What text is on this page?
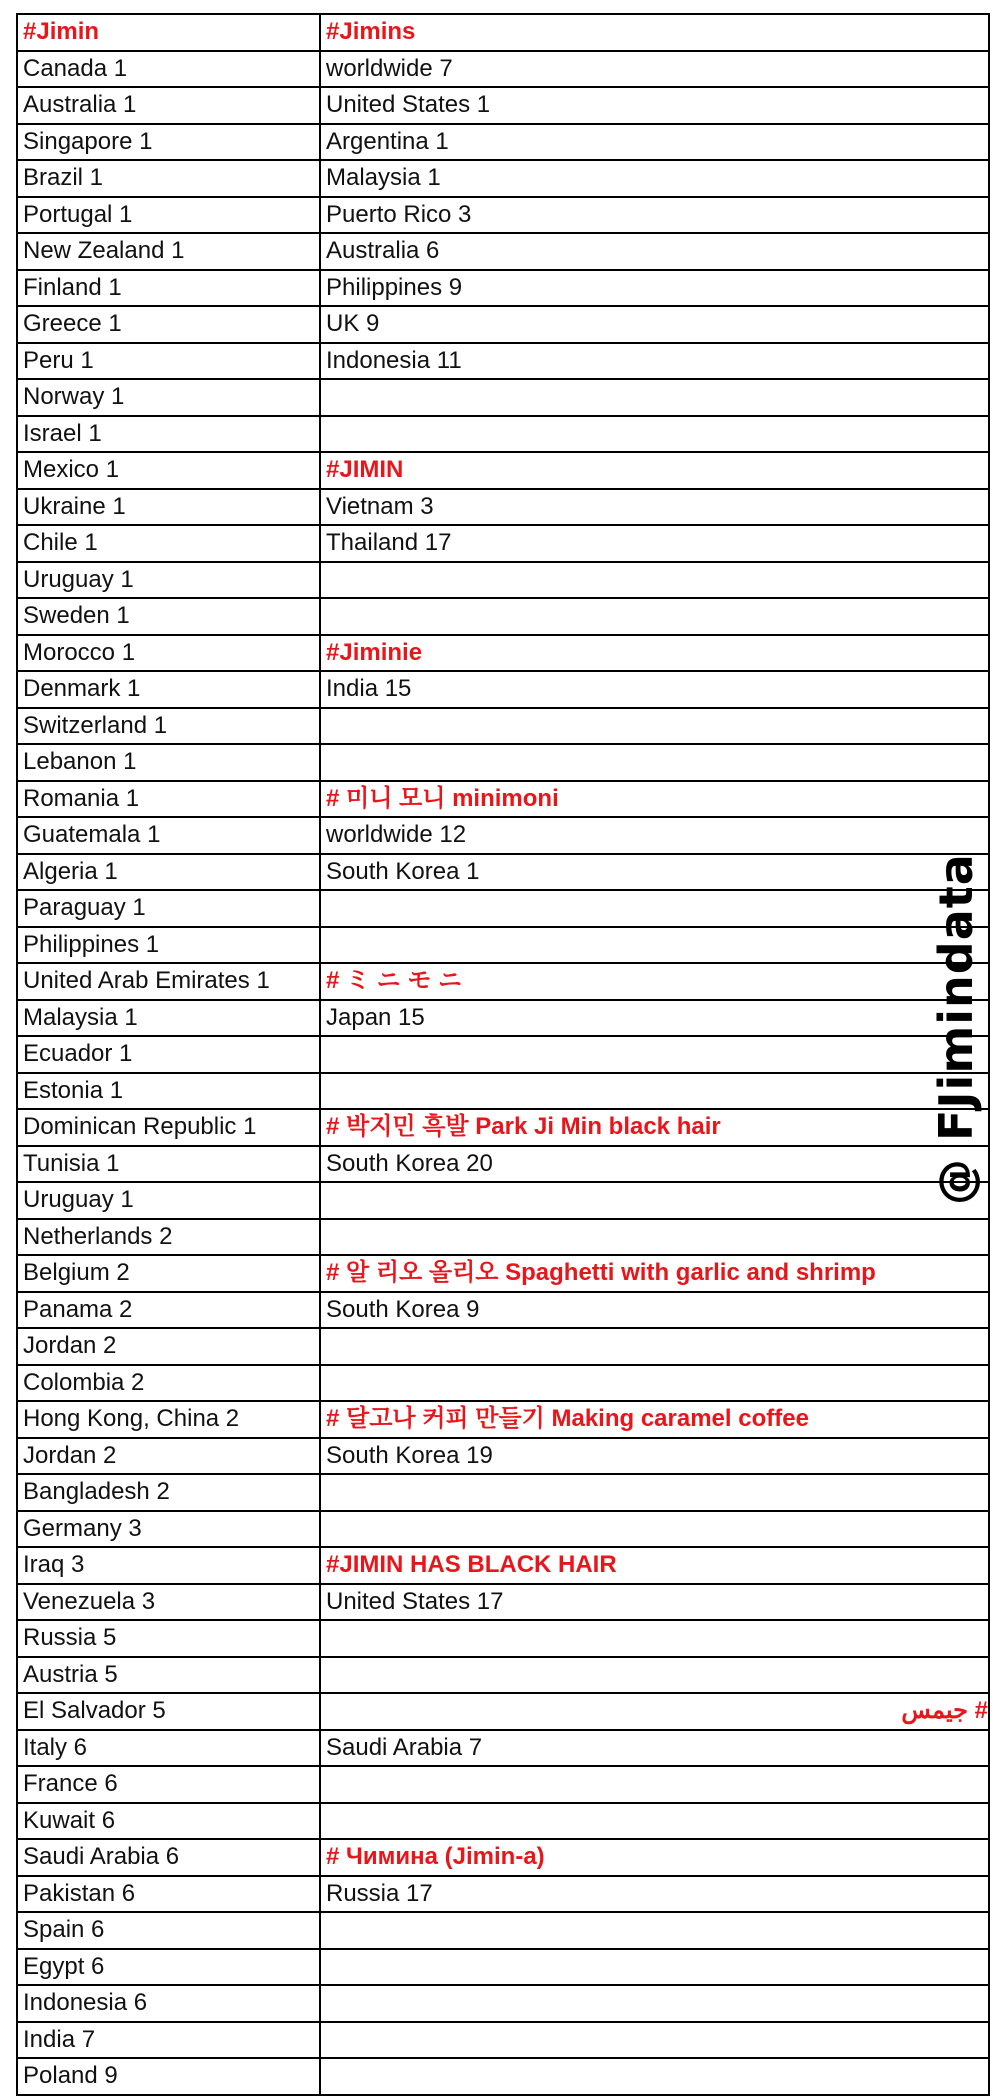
#Jimin	#Jimins
Canada 1	worldwide 7
Australia 1	United States 1
Singapore 1	Argentina 1
Brazil 1	Malaysia 1
Portugal 1	Puerto Rico 3
New Zealand 1	Australia 6
Finland 1	Philippines 9
Greece 1	UK 9
Peru 1	Indonesia 11
Norway 1	
Israel 1	
Mexico 1	#JIMIN
Ukraine 1	Vietnam 3
Chile 1	Thailand 17
Uruguay 1	
Sweden 1	
Morocco 1	#Jiminie
Denmark 1	India 15
Switzerland 1	
Lebanon 1	
Romania 1	# 미니 모니 minimoni
Guatemala 1	worldwide 12
Algeria 1	South Korea 1
Paraguay 1	
Philippines 1	
United Arab Emirates 1	# ミ ニ モ ニ
Malaysia 1	Japan 15
Ecuador 1	
Estonia 1	
Dominican Republic 1	# 박지민 흑발 Park Ji Min black hair
Tunisia 1	South Korea 20
Uruguay 1	
Netherlands 2	
Belgium 2	# 알 리오 올리오 Spaghetti with garlic and shrimp
Panama 2	South Korea 9
Jordan 2	
Colombia 2	
Hong Kong, China 2	# 달고나 커피 만들기 Making caramel coffee
Jordan 2	South Korea 19
Bangladesh 2	
Germany 3	
Iraq 3	#JIMIN HAS BLACK HAIR
Venezuela 3	United States 17
Russia 5	
Austria 5	
El Salvador 5	# جيمس
Italy 6	Saudi Arabia 7
France 6	
Kuwait 6	
Saudi Arabia 6	# Чимина (Jimin-a)
Pakistan 6	Russia 17
Spain 6	
Egypt 6	
Indonesia 6	
India 7	
Poland 9	
@ FJimindata
